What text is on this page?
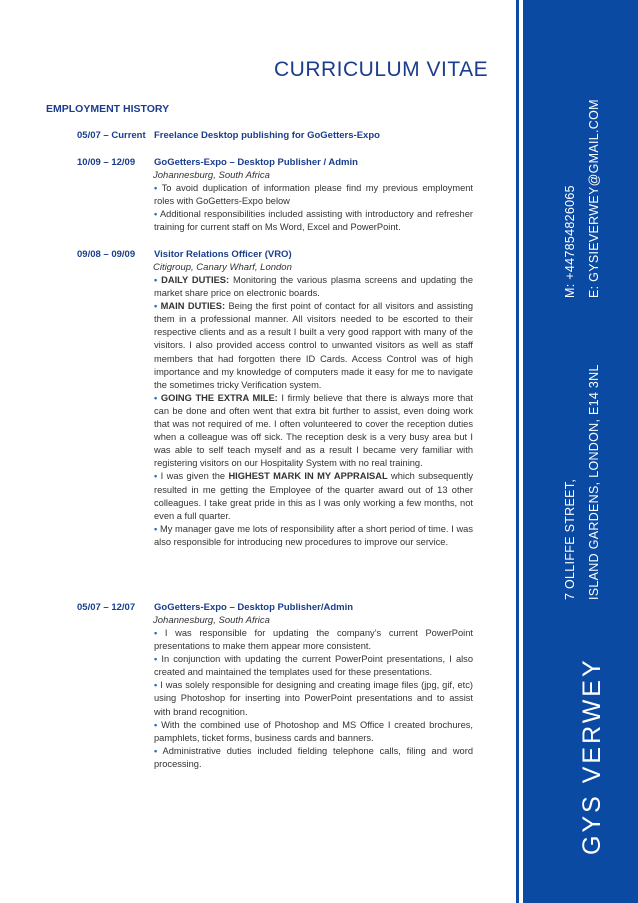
GYS VERWEY
7 OLLIFFE STREET, ISLAND GARDENS, LONDON, E14 3NL
M: +447854826065 E: GYSIEVERWEY@GMAIL.COM
CURRICULUM VITAE
EMPLOYMENT HISTORY
05/07 – Current Freelance Desktop publishing for GoGetters-Expo
10/09 – 12/09 GoGetters-Expo – Desktop Publisher / Admin
Johannesburg, South Africa
• To avoid duplication of information please find my previous employment roles with GoGetters-Expo below
• Additional responsibilities included assisting with introductory and refresher training for current staff on Ms Word, Excel and PowerPoint.
09/08 – 09/09 Visitor Relations Officer (VRO)
Citigroup, Canary Wharf, London
• DAILY DUTIES: Monitoring the various plasma screens and updating the market share price on electronic boards.
• MAIN DUTIES: Being the first point of contact for all visitors and assisting them in a professional manner. All visitors needed to be escorted to their respective clients and as a result I built a very good rapport with many of the visitors. I also provided access control to unwanted visitors as well as staff members that had forgotten there ID Cards. Access Control was of high importance and my knowledge of computers made it easy for me to navigate the sometimes tricky Verification system.
• GOING THE EXTRA MILE: I firmly believe that there is always more that can be done and often went that extra bit further to assist, even doing work that was not required of me. I often volunteered to cover the reception duties when a colleague was off sick. The reception desk is a very busy area but I was able to self teach myself and as a result I became very familiar with registering visitors on our Hospitality System with no real training.
• I was given the HIGHEST MARK IN MY APPRAISAL which subsequently resulted in me getting the Employee of the quarter award out of 13 other colleagues. I take great pride in this as I was only working a few months, not even a full quarter.
• My manager gave me lots of responsibility after a short period of time. I was also responsible for introducing new procedures to improve our service.
05/07 – 12/07 GoGetters-Expo – Desktop Publisher/Admin
Johannesburg, South Africa
• I was responsible for updating the company’s current PowerPoint presentations to make them appear more consistent.
• In conjunction with updating the current PowerPoint presentations, I also created and maintained the templates used for these presentations.
• I was solely responsible for designing and creating image files (jpg, gif, etc) using Photoshop for inserting into PowerPoint presentations and to assist with brand recognition.
• With the combined use of Photoshop and MS Office I created brochures, pamphlets, ticket forms, business cards and banners.
• Administrative duties included fielding telephone calls, filing and word processing.
